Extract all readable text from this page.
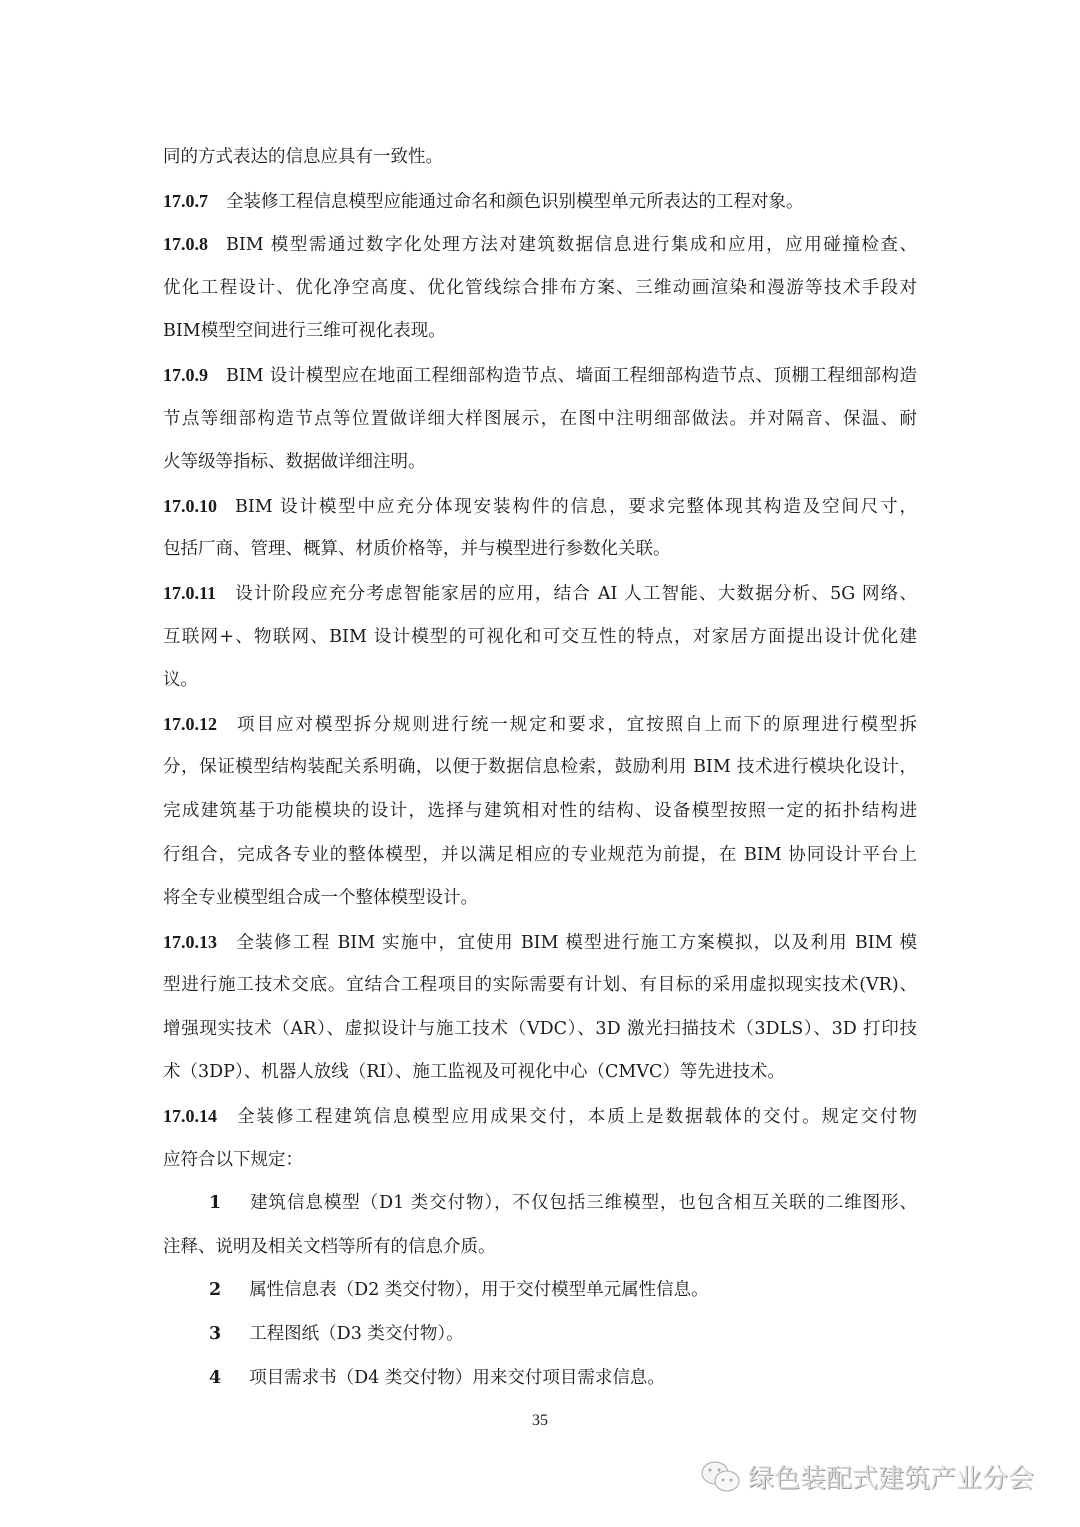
同的方式表达的信息应具有一致性。
17.0.7 全装修工程信息模型应能通过命名和颜色识别模型单元所表达的工程对象。
17.0.8 BIM 模型需通过数字化处理方法对建筑数据信息进行集成和应用，应用碰撞检查、
优化工程设计、优化净空高度、优化管线综合排布方案、三维动画渲染和漫游等技术手段对
BIM模型空间进行三维可视化表现。
17.0.9 BIM 设计模型应在地面工程细部构造节点、墙面工程细部构造节点、顶棚工程细部构造
节点等细部构造节点等位置做详细大样图展示，在图中注明细部做法。并对隔音、保温、耐
火等级等指标、数据做详细注明。
17.0.10 BIM 设计模型中应充分体现安装构件的信息，要求完整体现其构造及空间尺寸，
包括厂商、管理、概算、材质价格等，并与模型进行参数化关联。
17.0.11 设计阶段应充分考虑智能家居的应用，结合 AI 人工智能、大数据分析、5G 网络、
互联网+、物联网、BIM 设计模型的可视化和可交互性的特点，对家居方面提出设计优化建
议。
17.0.12 项目应对模型拆分规则进行统一规定和要求，宜按照自上而下的原理进行模型拆
分，保证模型结构装配关系明确，以便于数据信息检索，鼓励利用 BIM 技术进行模块化设计，
完成建筑基于功能模块的设计，选择与建筑相对性的结构、设备模型按照一定的拓扑结构进
行组合，完成各专业的整体模型，并以满足相应的专业规范为前提，在 BIM 协同设计平台上
将全专业模型组合成一个整体模型设计。
17.0.13 全装修工程 BIM 实施中，宜使用 BIM 模型进行施工方案模拟，以及利用 BIM 模
型进行施工技术交底。宜结合工程项目的实际需要有计划、有目标的采用虚拟现实技术(VR)、
增强现实技术（AR）、虚拟设计与施工技术（VDC）、3D 激光扫描技术（3DLS）、3D 打印技
术（3DP）、机器人放线（RI）、施工监视及可视化中心（CMVC）等先进技术。
17.0.14 全装修工程建筑信息模型应用成果交付，本质上是数据载体的交付。规定交付物
应符合以下规定：
1 建筑信息模型（D1 类交付物），不仅包括三维模型，也包含相互关联的二维图形、
注释、说明及相关文档等所有的信息介质。
2 属性信息表（D2 类交付物），用于交付模型单元属性信息。
3 工程图纸（D3 类交付物）。
4 项目需求书（D4 类交付物）用来交付项目需求信息。
35
绿色装配式建筑产业分会
